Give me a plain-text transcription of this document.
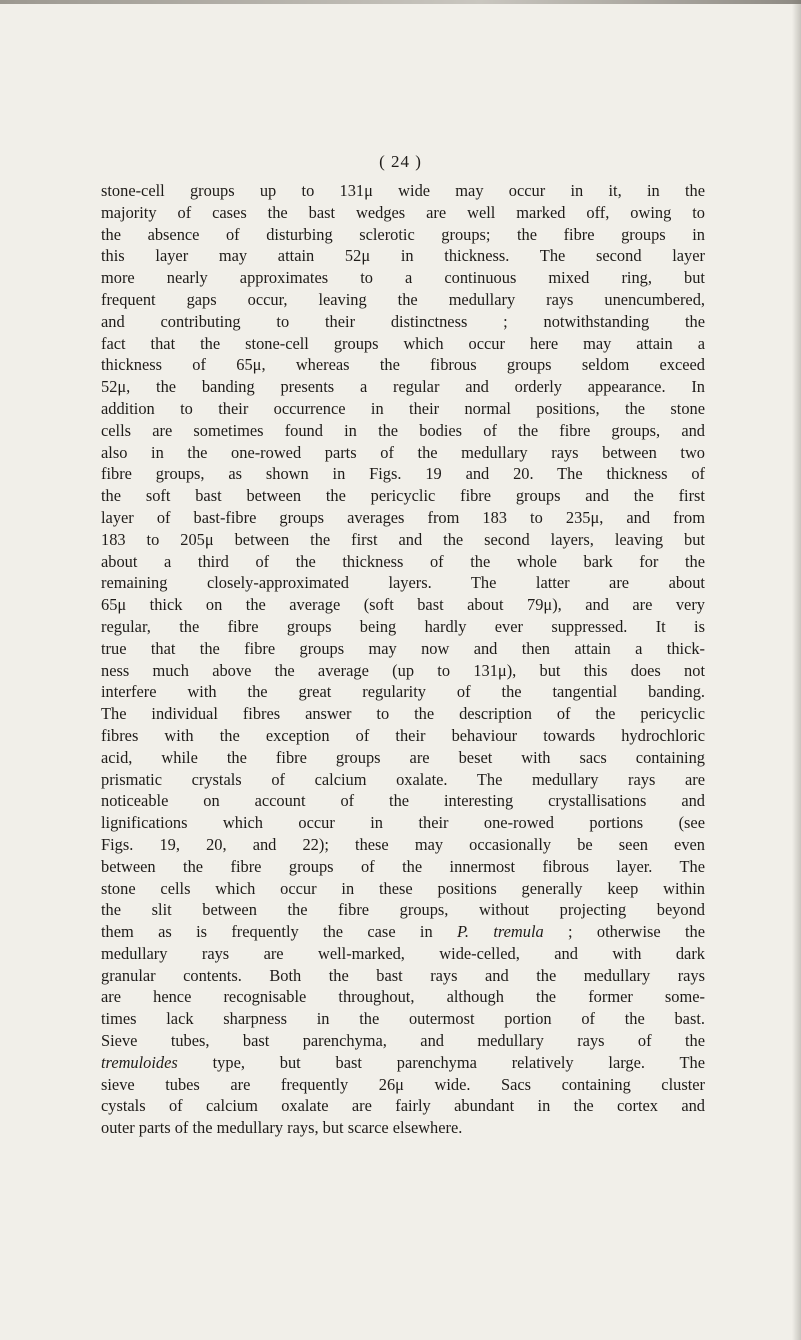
( 24 )
stone-cell groups up to 131μ wide may occur in it, in the
majority of cases the bast wedges are well marked off, owing to
the absence of disturbing sclerotic groups; the fibre groups in
this layer may attain 52μ in thickness. The second layer
more nearly approximates to a continuous mixed ring, but
frequent gaps occur, leaving the medullary rays unencumbered,
and contributing to their distinctness ; notwithstanding the
fact that the stone-cell groups which occur here may attain a
thickness of 65μ, whereas the fibrous groups seldom exceed
52μ, the banding presents a regular and orderly appearance. In
addition to their occurrence in their normal positions, the stone
cells are sometimes found in the bodies of the fibre groups, and
also in the one-rowed parts of the medullary rays between two
fibre groups, as shown in Figs. 19 and 20. The thickness of
the soft bast between the pericyclic fibre groups and the first
layer of bast-fibre groups averages from 183 to 235μ, and from
183 to 205μ between the first and the second layers, leaving but
about a third of the thickness of the whole bark for the
remaining closely-approximated layers. The latter are about
65μ thick on the average (soft bast about 79μ), and are very
regular, the fibre groups being hardly ever suppressed. It is
true that the fibre groups may now and then attain a thick-
ness much above the average (up to 131μ), but this does not
interfere with the great regularity of the tangential banding.
The individual fibres answer to the description of the pericyclic
fibres with the exception of their behaviour towards hydrochloric
acid, while the fibre groups are beset with sacs containing
prismatic crystals of calcium oxalate. The medullary rays are
noticeable on account of the interesting crystallisations and
lignifications which occur in their one-rowed portions (see
Figs. 19, 20, and 22); these may occasionally be seen even
between the fibre groups of the innermost fibrous layer. The
stone cells which occur in these positions generally keep within
the slit between the fibre groups, without projecting beyond
them as is frequently the case in P. tremula ; otherwise the
medullary rays are well-marked, wide-celled, and with dark
granular contents. Both the bast rays and the medullary rays
are hence recognisable throughout, although the former some-
times lack sharpness in the outermost portion of the bast.
Sieve tubes, bast parenchyma, and medullary rays of the
tremuloides type, but bast parenchyma relatively large. The
sieve tubes are frequently 26μ wide. Sacs containing cluster
cystals of calcium oxalate are fairly abundant in the cortex and
outer parts of the medullary rays, but scarce elsewhere.
